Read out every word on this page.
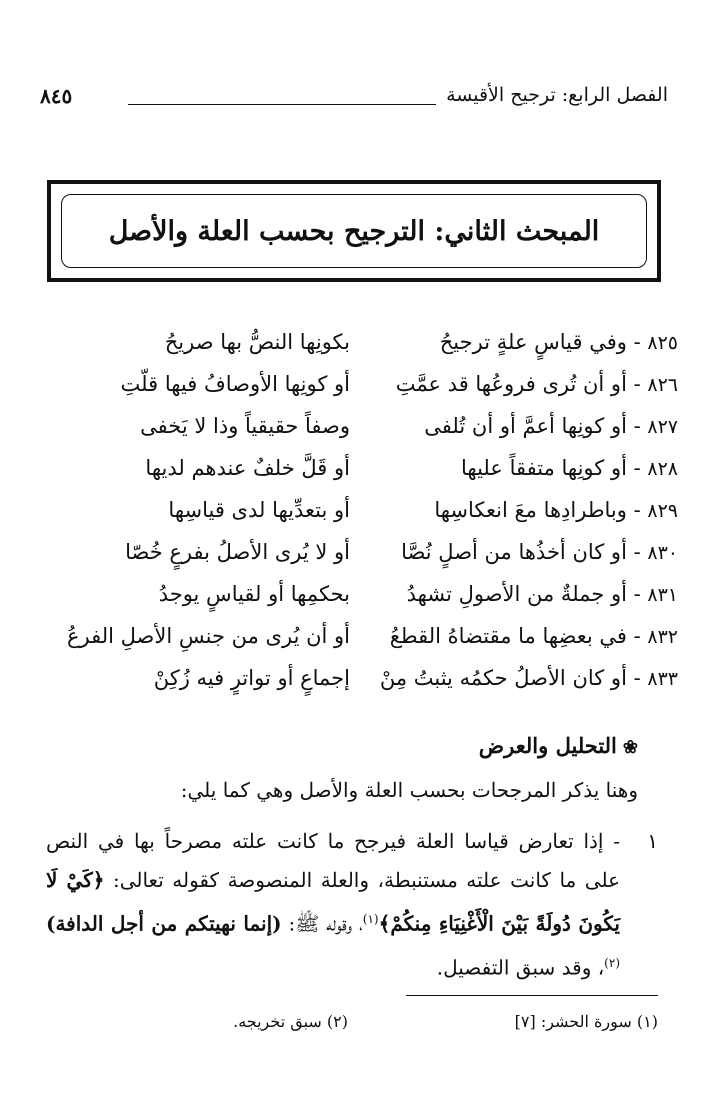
الفصل الرابع: ترجيح الأقيسة
٨٤٥
المبحث الثاني: الترجيح بحسب العلة والأصل
٨٢٥ - وفي قياسٍ علةٍ ترجيحُ
بكونِها النصُّ بها صريحُ
٨٢٦ - أو أن تُرى فروعُها قد عمَّتِ
أو كونِها الأوصافُ فيها قلّتِ
٨٢٧ - أو كونِها أعمَّ أو أن تُلفى
وصفاً حقيقياً وذا لا يَخفى
٨٢٨ - أو كونِها متفقاً عليها
أو قَلَّ خلفٌ عندهم لديها
٨٢٩ - وباطرادِها معَ انعكاسِها
أو بتعدِّيها لدى قياسِها
٨٣٠ - أو كان أخذُها من أصلٍ نُصَّا
أو لا يُرى الأصلُ بفرعٍ خُصّا
٨٣١ - أو جملةٌ من الأصولِ تشهدُ
بحكمِها أو لقياسٍ يوجدُ
٨٣٢ - في بعضِها ما مقتضاهُ القطعُ
أو أن يُرى من جنسِ الأصلِ الفرعُ
٨٣٣ - أو كان الأصلُ حكمُه يثبتُ مِنْ
إجماعٍ أو تواترٍ فيه زُكِنْ
❀التحليل والعرض
وهنا يذكر المرجحات بحسب العلة والأصل وهي كما يلي:
١
- إذا تعارض قياسا العلة فيرجح ما كانت علته مصرحاً بها في النص على ما كانت علته مستنبطة، والعلة المنصوصة كقوله تعالى: ﴿كَيْ لَا يَكُونَ دُولَةً بَيْنَ الْأَغْنِيَاءِ مِنكُمْ﴾$^{(١)}$، وقوله ﷺ: (إنما نهيتكم من أجل الدافة)$^{(٢)}$، وقد سبق التفصيل.
(١) سورة الحشر: [٧]
(٢) سبق تخريجه.
